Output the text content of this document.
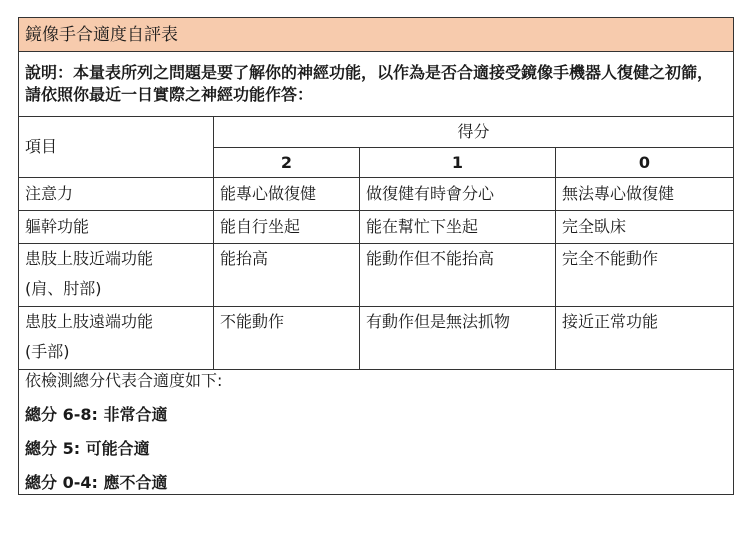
鏡像手合適度自評表			
說明：本量表所列之問題是要了解你的神經功能，以作為是否合適接受鏡像手機器人復健之初篩，請依照你最近一日實際之神經功能作答：			
項目	得分		
	2	1	0
注意力	能專心做復健	做復健有時會分心	無法專心做復健
軀幹功能	能自行坐起	能在幫忙下坐起	完全臥床

患肢上肢近端功能
(肩、肘部)	能抬高	能動作但不能抬高	完全不能動作

患肢上肢遠端功能
(手部)	不能動作	有動作但是無法抓物	接近正常功能

依檢測總分代表合適度如下:
總分 6-8: 非常合適
總分 5: 可能合適
總分 0-4: 應不合適			
